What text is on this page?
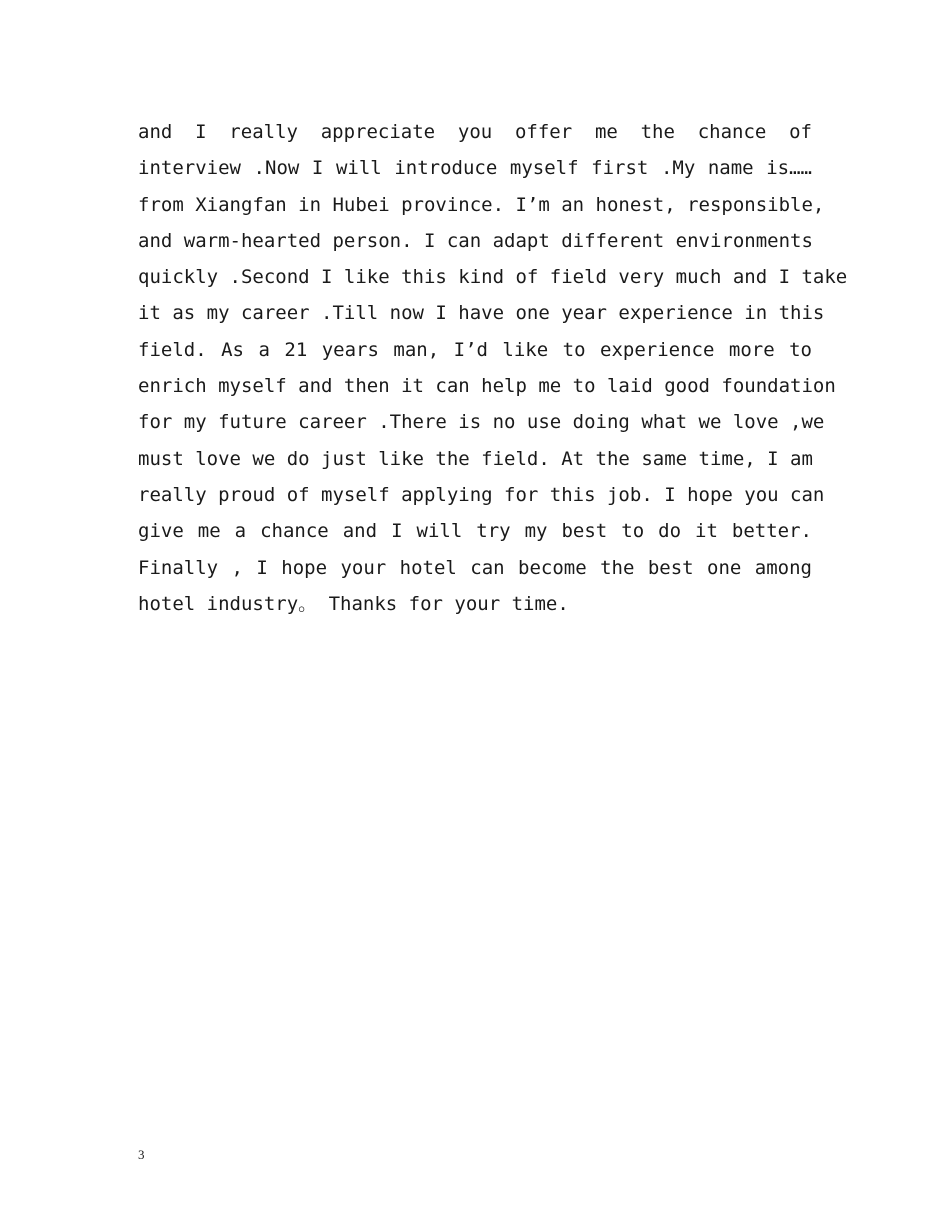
and I really appreciate you offer me the chance of
interview .Now I will introduce myself first .My name is……
from Xiangfan in Hubei province. I’m an honest, responsible,
and warm-hearted person. I can adapt different environments
quickly .Second I like this kind of field very much and I take
it as my career .Till now I have one year experience in this
field. As a 21 years man, I’d like to experience more to
enrich myself and then it can help me to laid good foundation
for my future career .There is no use doing what we love ,we
must love we do just like the field. At the same time, I am
really proud of myself applying for this job. I hope you can
give me a chance and I will try my best to do it better.
Finally , I hope your hotel can become the best one among
hotel industry。 Thanks for your time.
3
